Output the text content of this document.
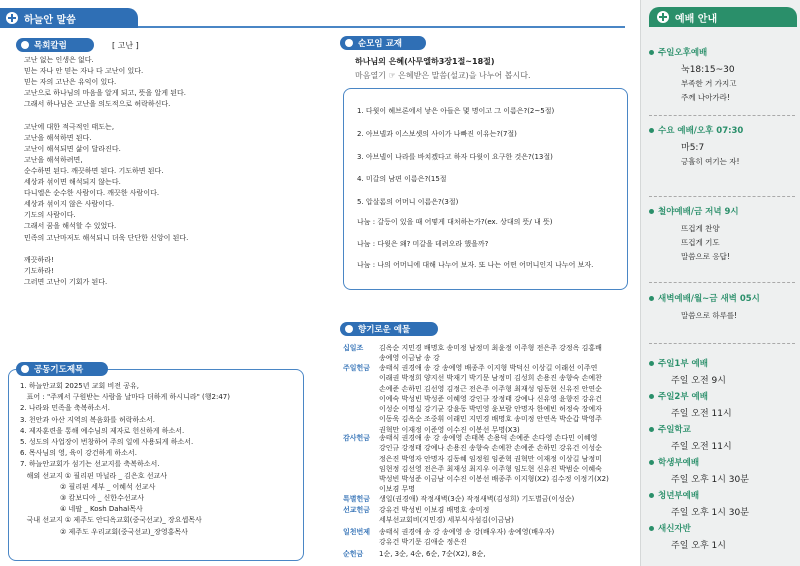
하늘안 말씀
목회칼럼	[ 고난 ]
고난 없는 인생은 없다.
믿는 자나 안 믿는 자나 다 고난이 있다.
믿는 자의 고난은 유익이 있다.
고난으로 하나님의 마음을 알게 되고, 뜻을 알게 된다.
그래서 하나님은 고난을 의도적으로 허락하신다.

고난에 대한 적극적인 태도는,
고난을 해석하면 된다.
고난이 해석되면 삶이 달라진다.
고난을 해석하려면,
순수하면 된다. 깨끗하면 된다. 기도하면 된다.
세상과 섞이면 해석되지 않는다.
다니엘은 순수한 사람이다. 깨끗한 사람이다.
세상과 섞이지 않은 사람이다.
기도의 사람이다.
그래서 꿈을 해석할 수 있었다.
민족의 고난마저도 해석되니 더욱 단단한 신앙이 된다.

깨끗하라!
기도하라!
그러면 고난이 기회가 된다.
공동기도제목
1. 하늘안교회 2025년 교회 비전 공유,
표어 : "주께서 구원받는 사람을 날마다 더하게 하시니라" (행2:47)
2. 나라와 민족을 축복하소서.
3. 천안과 아산 지역의 복음화를 허락하소서.
4. 제자훈련을 통해 예수님의 제자로 헌신하게 하소서.
5. 성도의 사업장이 번창하여 주의 일에 사용되게 하소서.
6. 목사님의 영, 육이 강건하게 하소서.
7. 하늘안교회가 섬기는 선교지를 축복하소서.
해외 선교지 ① 필리핀 마닐라 _ 김은호 선교사
② 필리핀 세부 _ 이혜석 선교사
③ 캄보디아 _ 신한수선교사
④ 네팔 _ Kosh Dahal목사
국내 선교지 ① 제주도 안디옥교회(중국선교)_ 장요셉목사
② 제주도 우리교회(중국선교)_장영홍목사
순모임 교재
하나님의 은혜(사무엘하3장1절~18절)
마음열기 ☞ 은혜받은 말씀(설교)을 나누어 봅시다.
1. 다윗이 헤브론에서 낳은 아들은 몇 명이고 그 이름은?(2~5절)
2. 아브넬과 이스보셋의 사이가 나빠진 이유는?(7절)
3. 아브넬이 나라를 바치겠다고 하자 다윗이 요구한 것은?(13절)
4. 미갈의 남편 이름은?(15절
5. 압살롬의 어머니 이름은?(3절)
나눔 : 갈등이 있을 때 어떻게 대처하는가?(ex. 상대의 뜻/ 내 뜻)
나눔 : 다윗은 왜? 미갈을 데려오라 했을까?
나눔 : 나의 어머니에 대해 나누어 보자. 또 나는 어떤 어머니인지 나누어 보자.
향기로운 예물
십일조 김옥순 지민경 배명호 송미정 남정미 최윤정 이주형 전은주 강정옥 김홍배
송예영 이금남 송 강
주일헌금 송태식 권경애 송 강 송예영 배종주 이지형 박덕신 이상길 이래선 이주연
이래권 박정희 양지선 박재기 박기문 남정미 김성희 손용진 송향숙 손예찬
손예준 손하민 김선영 김정근 전은주 이주형 최재성 임동현 신유진 안연순
이예숙 박성빈 박성준 이혜영 강인규 장정태 강예나 신유영 윤향진 강유건
이성순 이명실 강기균 강윤동 박민영 윤보람 안명자 한예빈 허정숙 장예자
이동욱 김옥순 조중휘 이래민 지민경 배명호 송미정 안연옥 박순갑 박영주
권혁만 이재정 이준영 이수진 이봉선 무명(X3)
감사헌금 송태식 권경애 송 강 송예영 손태복 손용덕 손예준 손다영 손다민 이혜영
강인규 강정태 강예나 손용진 송향숙 손예찬 손예준 손하민 강유건 이성순
정은진 박영자 안명자 김동혜 임정원 임준혁 권혁만 이재정 이상길 남정미
임현정 김선영 전은주 최재성 최지우 이주형 임도현 신유진 박범순 이혜숙
박성빈 박성준 이금남 이수진 이봉선 배종주 이지형(X2) 김수정 이정기(X2)
이보겸 무명
특별헌금 생일(권경애) 작정새벽(3순) 작정새벽(김성희) 기도별금(이성순)
선교헌금 강유건 박성빈 이보겸 배명호 송미정
세부선교회비(지민경) 세부식사섬김(이금남)
일천번제 송태식 권경애 송 강 송예영 송 강(배우자) 송예영(배우자)
강유건 박기문 김애순 정은진
순헌금 1순, 3순, 4순, 6순, 7순(X2), 8순,
예배 안내
주일오후예배
눅18:15~30
부족한 거 가지고
주께 나아가라!
수요 예배/오후 07:30
마5:7
긍휼히 여기는 자!
철야예배/금 저녁 9시
뜨겁게 찬양
뜨겁게 기도
말씀으로 응답!
새벽예배/월~금 새벽 05시
말씀으로 하루를!
주일1부 예배
주일 오전 9시
주일2부 예배
주일 오전 11시
주일학교
주일 오전 11시
학생부예배
주일 오후 1시 30분
청년부예배
주일 오후 1시 30분
새신자반
주일 오후 1시
